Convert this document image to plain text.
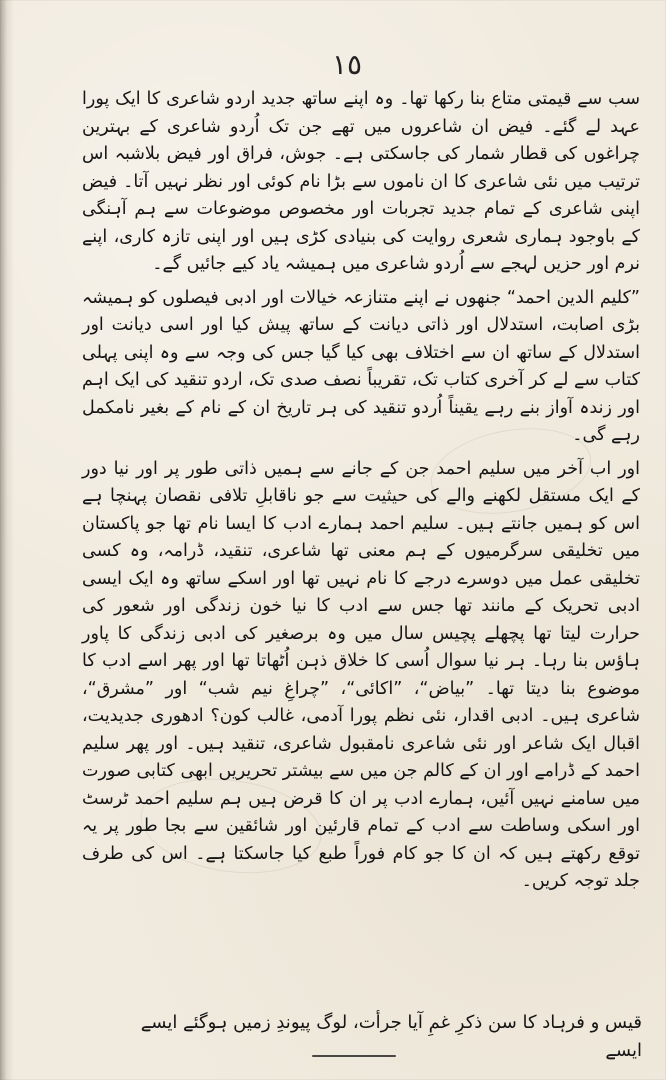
١٥

سب سے قیمتی متاع بنا رکھا تھا۔ وہ اپنے ساتھ جدید اردو شاعری کا ایک پورا عہد لے گئے۔ فیض ان شاعروں میں تھے جن تک اُردو شاعری کے بہترین چراغوں کی قطار شمار کی جاسکتی ہے۔ جوش، فراق اور فیض بلاشبہ اس ترتیب میں نئی شاعری کا ان ناموں سے بڑا نام کوئی اور نظر نہیں آتا۔ فیض اپنی شاعری کے تمام جدید تجربات اور مخصوص موضوعات سے ہم آہنگی کے باوجود ہماری شعری روایت کی بنیادی کڑی ہیں اور اپنی تازہ کاری، اپنے نرم اور حزیں لہجے سے اُردو شاعری میں ہمیشہ یاد کیے جائیں گے۔

”کلیم الدین احمد“ جنھوں نے اپنے متنازعہ خیالات اور ادبی فیصلوں کو ہمیشہ بڑی اصابت، استدلال اور ذاتی دیانت کے ساتھ پیش کیا اور اسی دیانت اور استدلال کے ساتھ ان سے اختلاف بھی کیا گیا جس کی وجہ سے وہ اپنی پہلی کتاب سے لے کر آخری کتاب تک، تقریباً نصف صدی تک، اردو تنقید کی ایک اہم اور زندہ آواز بنے رہے یقیناً اُردو تنقید کی ہر تاریخ ان کے نام کے بغیر نامکمل رہے گی۔

اور اب آخر میں سلیم احمد جن کے جانے سے ہمیں ذاتی طور پر اور نیا دور کے ایک مستقل لکھنے والے کی حیثیت سے جو ناقابلِ تلافی نقصان پہنچا ہے اس کو ہمیں جانتے ہیں۔ سلیم احمد ہمارے ادب کا ایسا نام تھا جو پاکستان میں تخلیقی سرگرمیوں کے ہم معنی تھا شاعری، تنقید، ڈرامہ، وہ کسی تخلیقی عمل میں دوسرے درجے کا نام نہیں تھا اور اسکے ساتھ وہ ایک ایسی ادبی تحریک کے مانند تھا جس سے ادب کا نیا خون زندگی اور شعور کی حرارت لیتا تھا پچھلے پچیس سال میں وہ برصغیر کی ادبی زندگی کا پاور ہاؤس بنا رہا۔ ہر نیا سوال اُسی کا خلاق ذہن اُٹھاتا تھا اور پھر اسے ادب کا موضوع بنا دیتا تھا۔ ”بیاض“، ”اکائی“، ”چراغِ نیم شب“ اور ”مشرق“، شاعری ہیں۔ ادبی اقدار، نئی نظم پورا آدمی، غالب کون؟ ادھوری جدیدیت، اقبال ایک شاعر اور نئی شاعری نامقبول شاعری، تنقید ہیں۔ اور پھر سلیم احمد کے ڈرامے اور ان کے کالم جن میں سے بیشتر تحریریں ابھی کتابی صورت میں سامنے نہیں آئیں، ہمارے ادب پر ان کا قرض ہیں ہم سلیم احمد ٹرسٹ اور اسکی وساطت سے ادب کے تمام قارئین اور شائقین سے بجا طور پر یہ توقع رکھتے ہیں کہ ان کا جو کام فوراً طبع کیا جاسکتا ہے۔ اس کی طرف جلد توجہ کریں۔

قیس و فرہاد کا سن ذکرِ غمِ آیا جرأت، لوگ پیوندِ زمیں ہوگئے ایسے ایسے
